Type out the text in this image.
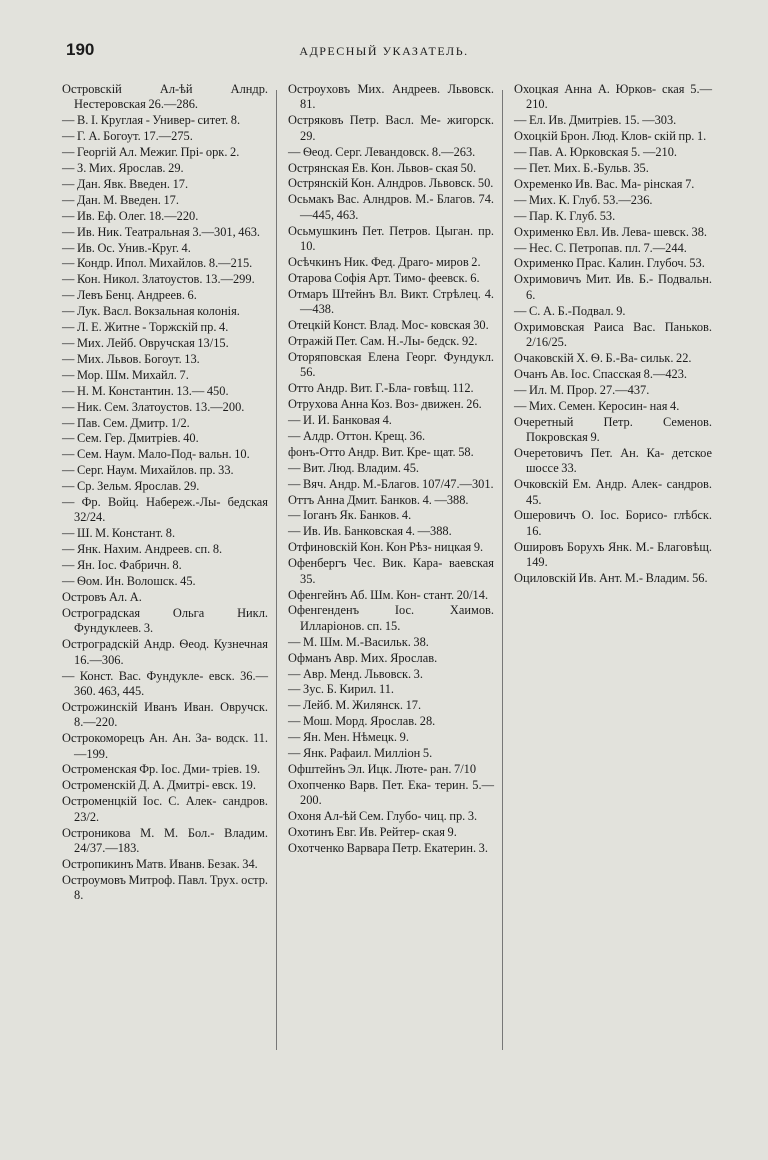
190	АДРЕСНЫЙ УКАЗАТЕЛЬ.

Островскій Ал-ѣй Алндр. Нестеровская 26.—286.

— В. І. Круглая - Универ- ситет. 8.

— Г. А. Богоут. 17.—275.

— Георгій Ал. Межиг. Прі- орк. 2.

— З. Мих. Ярослав. 29.

— Дан. Явк. Введен. 17.

— Дан. М. Введен. 17.

— Ив. Еф. Олег. 18.—220.

— Ив. Ник. Театральная 3.—301, 463.

— Ив. Ос. Унив.-Круг. 4.

— Кондр. Ипол. Михайлов. 8.—215.

— Кон. Никол. Златоустов. 13.—299.

— Левъ Бенц. Андреев. 6.

— Лук. Васл. Вокзальная колонія.

— Л. Е. Житне - Торжскій пр. 4.

— Мих. Лейб. Овручская 13/15.

— Мих. Львов. Богоут. 13.

— Мор. Шм. Михайл. 7.

— Н. М. Константин. 13.— 450.

— Ник. Сем. Златоустов. 13.—200.

— Пав. Сем. Дмитр. 1/2.

— Сем. Гер. Дмитріев. 40.

— Сем. Наум. Мало-Под- вальн. 10.

— Серг. Наум. Михайлов. пр. 33.

— Ср. Зельм. Ярослав. 29.

— Фр. Войц. Набереж.-Лы- бедская 32/24.

— Ш. М. Констант. 8.

— Янк. Нахим. Андреев. сп. 8.

— Ян. Іос. Фабричн. 8.

— Ѳом. Ин. Волошск. 45.

Островъ Ал. А.

Остроградская Ольга Никл. Фундуклеев. 3.

Остроградскій Андр. Ѳеод. Кузнечная 16.—306.

— Конст. Вас. Фундукле- евск. 36.—360. 463, 445.

Острожинскій Иванъ Иван. Овручск. 8.—220.

Острокоморецъ Ан. Ан. За- водск. 11.—199.

Остроменская Фр. Іос. Дми- тріев. 19.

Остроменскій Д. А. Дмитрі- евск. 19.

Остроменцкій Іос. С. Алек- сандров. 23/2.

Остроникова М. М. Бол.- Владим. 24/37.—183.

Остропикинъ Матв. Иванв. Безак. 34.

Остроумовъ Митроф. Павл. Трух. остр. 8.

Остроуховъ Мих. Андреев. Львовск. 81.

Остряковъ Петр. Васл. Ме- жигорск. 29.

— Ѳеод. Серг. Левандовск. 8.—263.

Острянская Ев. Кон. Львов- ская 50.

Острянскій Кон. Алндров. Львовск. 50.

Осьмакъ Вас. Алндров. М.- Благов. 74.—445, 463.

Осьмушкинъ Пет. Петров. Цыган. пр. 10.

Осѣчкинъ Ник. Фед. Драго- миров 2.

Отарова Софія Арт. Тимо- феевск. 6.

Отмаръ Штейнъ Вл. Викт. Стрѣлец. 4.—438.

Отецкій Конст. Влад. Мос- ковская 30.

Отражій Пет. Сам. Н.-Лы- бедск. 92.

Оторяповская Елена Георг. Фундукл. 56.

Отто Андр. Вит. Г.-Бла- говѣщ. 112.

Отрухова Анна Коз. Воз- движен. 26.

— И. И. Банковая 4.

— Алдр. Оттон. Крещ. 36.

фонъ-Отто Андр. Вит. Кре- щат. 58.

— Вит. Люд. Владим. 45.

— Вяч. Андр. М.-Благов. 107/47.—301.

Оттъ Анна Дмит. Банков. 4. —388.

— Іоганъ Як. Банков. 4.

— Ив. Ив. Банковская 4. —388.

Отфиновскій Кон. Кон Рѣз- ницкая 9.

Офенбергъ Чес. Вик. Кара- ваевская 35.

Офенгейнъ Аб. Шм. Кон- стант. 20/14.

Офенгенденъ Іос. Хаимов. Илларіонов. сп. 15.

— М. Шм. М.-Васильк. 38.

Офманъ Авр. Мих. Ярослав.

— Авр. Менд. Львовск. 3.

— Зус. Б. Кирил. 11.

— Лейб. М. Жилянск. 17.

— Мош. Морд. Ярослав. 28.

— Ян. Мен. Нѣмецк. 9.

— Янк. Рафаил. Миллiон 5.

Офштейнъ Эл. Ицк. Люте- ран. 7/10

Охопченко Варв. Пет. Ека- терин. 5.—200.

Охоня Ал-ѣй Сем. Глубо- чиц. пр. 3.

Охотинъ Евг. Ив. Рейтер- ская 9.

Охотченко Варвара Петр. Екатерин. 3.

Охоцкая Анна А. Юрков- ская 5.—210.

— Ел. Ив. Дмитріев. 15. —303.

Охоцкій Брон. Люд. Клов- скій пр. 1.

— Пав. А. Юрковская 5. —210.

— Пет. Мих. Б.-Бульв. 35.

Охременко Ив. Вас. Ма- рінская 7.

— Мих. К. Глуб. 53.—236.

— Пар. К. Глуб. 53.

Охрименко Евл. Ив. Лева- шевск. 38.

— Нес. С. Петропав. пл. 7.—244.

Охрименко Прас. Калин. Глубоч. 53.

Охримовичъ Мит. Ив. Б.- Подвальн. 6.

— С. А. Б.-Подвал. 9.

Охримовская Раиса Вас. Паньков. 2/16/25.

Очаковскій Х. Ѳ. Б.-Ва- сильк. 22.

Очанъ Ав. Іос. Спасская 8.—423.

— Ил. М. Прор. 27.—437.

— Мих. Семен. Керосин- ная 4.

Очеретный Петр. Семенов. Покровская 9.

Очеретовичъ Пет. Ан. Ка- детское шоссе 33.

Очковскій Ем. Андр. Алек- сандров. 45.

Ошеровичъ О. Іос. Борисо- глѣбск. 16.

Ошировъ Борухъ Янк. М.- Благовѣщ. 149.

Оциловскій Ив. Ант. М.- Владим. 56.
